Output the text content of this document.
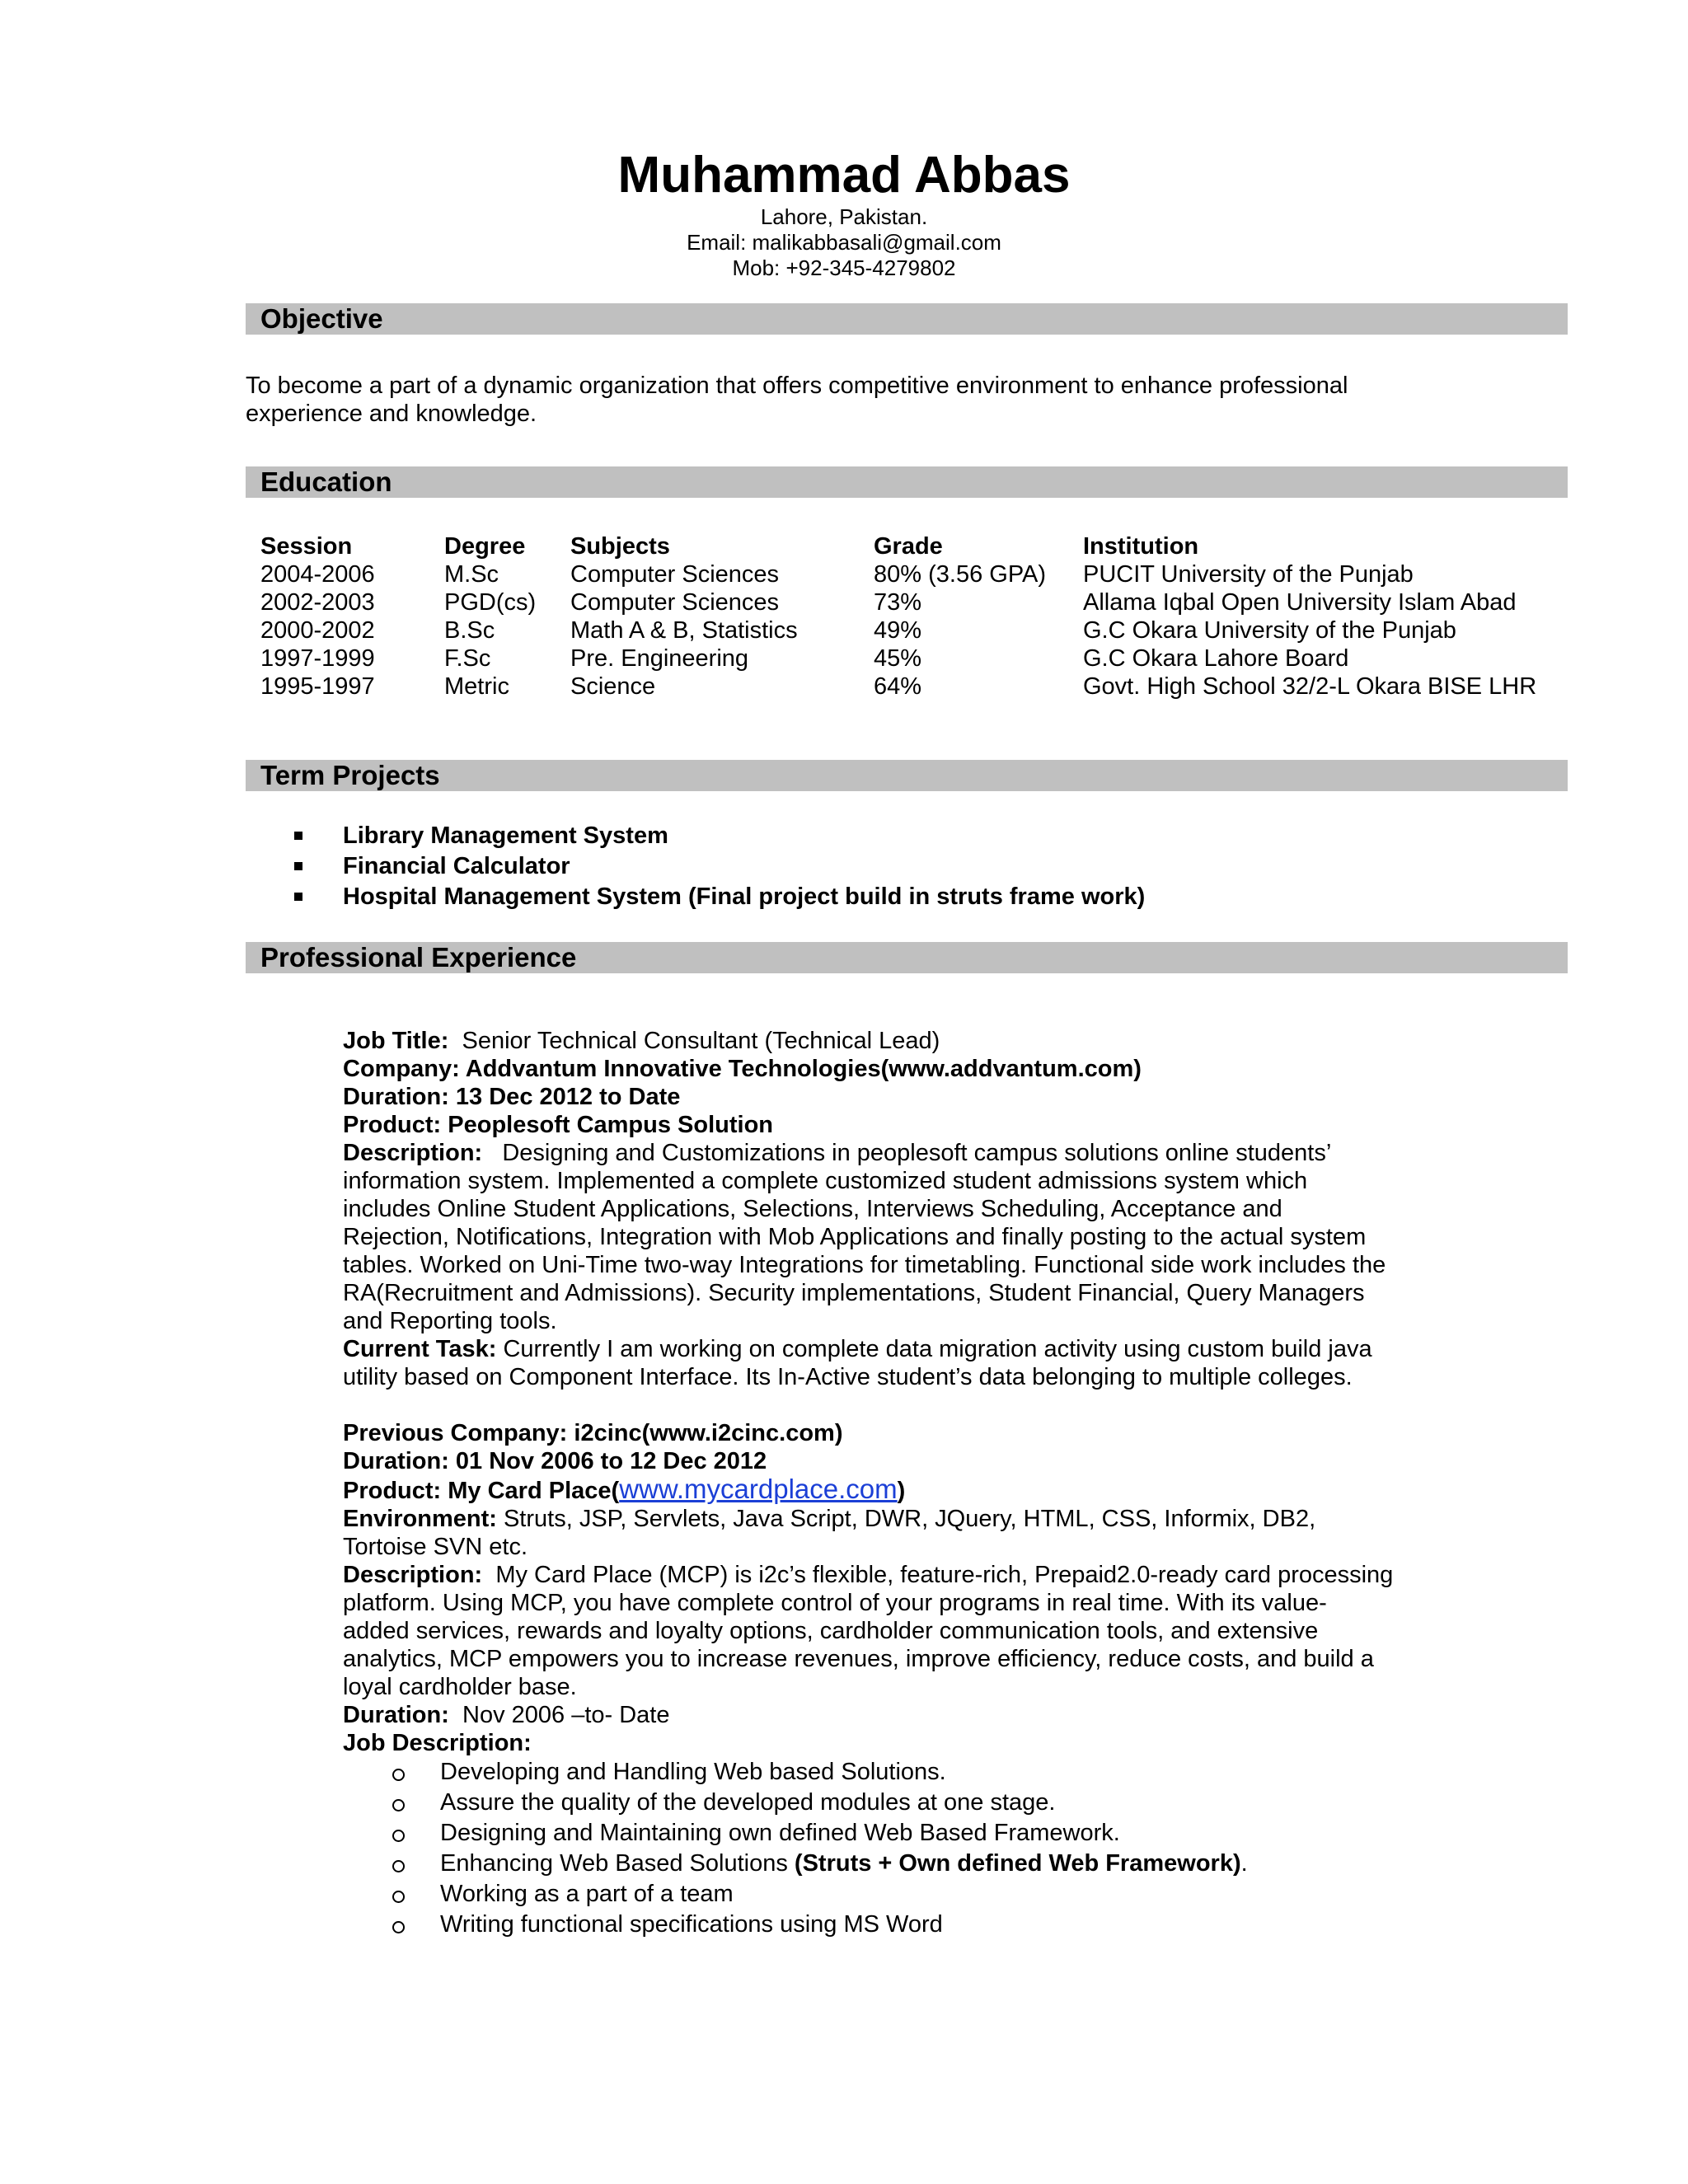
Muhammad Abbas
Lahore, Pakistan.
Email: malikabbasali@gmail.com
Mob: +92-345-4279802
Objective
To become a part of a dynamic organization that offers competitive environment to enhance professional
experience and knowledge.
Education
Session	Degree	Subjects	Grade	Institution
2004-2006	M.Sc	Computer Sciences	80% (3.56 GPA)	PUCIT University of the Punjab
2002-2003	PGD(cs)	Computer Sciences	73%	Allama Iqbal Open University Islam Abad
2000-2002	B.Sc	Math A & B, Statistics	49%	G.C Okara University of the Punjab
1997-1999	F.Sc	Pre. Engineering	45%	G.C Okara Lahore Board
1995-1997	Metric	Science	64%	Govt. High School 32/2-L Okara BISE LHR
Term Projects
Library Management System
Financial Calculator
Hospital Management System (Final project build in struts frame work)
Professional Experience

Job Title: Senior Technical Consultant (Technical Lead)

Company: Addvantum Innovative Technologies(www.addvantum.com)

Duration: 13 Dec 2012 to Date

Product: Peoplesoft Campus Solution

Description: Designing and Customizations in peoplesoft campus solutions online students’

information system. Implemented a complete customized student admissions system which

includes Online Student Applications, Selections, Interviews Scheduling, Acceptance and

Rejection, Notifications, Integration with Mob Applications and finally posting to the actual system

tables. Worked on Uni-Time two-way Integrations for timetabling. Functional side work includes the

RA(Recruitment and Admissions). Security implementations, Student Financial, Query Managers

and Reporting tools.

Current Task: Currently I am working on complete data migration activity using custom build java

utility based on Component Interface. Its In-Active student’s data belonging to multiple colleges.

Previous Company: i2cinc(www.i2cinc.com)

Duration: 01 Nov 2006 to 12 Dec 2012

Product: My Card Place(www.mycardplace.com)

Environment: Struts, JSP, Servlets, Java Script, DWR, JQuery, HTML, CSS, Informix, DB2,

Tortoise SVN etc.

Description: My Card Place (MCP) is i2c’s flexible, feature-rich, Prepaid2.0-ready card processing

platform. Using MCP, you have complete control of your programs in real time. With its value-

added services, rewards and loyalty options, cardholder communication tools, and extensive

analytics, MCP empowers you to increase revenues, improve efficiency, reduce costs, and build a

loyal cardholder base.

Duration: Nov 2006 –to- Date

Job Description:

Developing and Handling Web based Solutions.
Assure the quality of the developed modules at one stage.
Designing and Maintaining own defined Web Based Framework.
Enhancing Web Based Solutions (Struts + Own defined Web Framework).
Working as a part of a team
Writing functional specifications using MS Word
